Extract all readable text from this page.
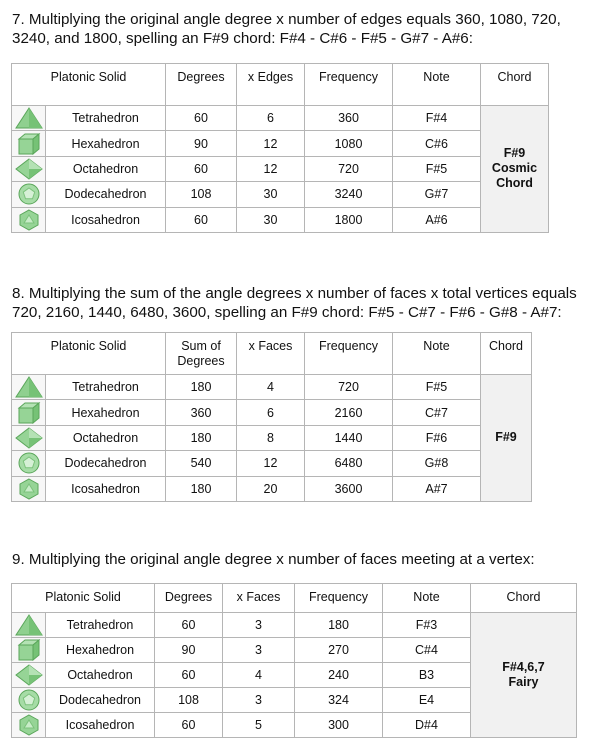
7. Multiplying the original angle degree x number of edges equals 360, 1080, 720, 3240, and 1800, spelling an F#9 chord: F#4 - C#6 - F#5 - G#7 - A#6:

Platonic Solid		Degrees	x Edges	Frequency	Note	Chord

	Tetrahedron	60	6	360	F#4	F#9
Cosmic
Chord

	Hexahedron	90	12	1080	C#6	

	Octahedron	60	12	720	F#5	

	Dodecahedron	108	30	3240	G#7	

	Icosahedron	60	30	1800	A#6	

8. Multiplying the sum of the angle degrees x number of faces x total vertices equals 720, 2160, 1440, 6480, 3600, spelling an F#9 chord: F#5 - C#7 - F#6 - G#8 - A#7:

Platonic Solid		Sum of Degrees	x Faces	Frequency	Note	Chord

	Tetrahedron	180	4	720	F#5	F#9

	Hexahedron	360	6	2160	C#7	

	Octahedron	180	8	1440	F#6	

	Dodecahedron	540	12	6480	G#8	

	Icosahedron	180	20	3600	A#7	

9. Multiplying the original angle degree x number of faces meeting at a vertex:

Platonic Solid		Degrees	x Faces	Frequency	Note	Chord

	Tetrahedron	60	3	180	F#3	F#4,6,7
Fairy

	Hexahedron	90	3	270	C#4	

	Octahedron	60	4	240	B3	

	Dodecahedron	108	3	324	E4	

	Icosahedron	60	5	300	D#4	
